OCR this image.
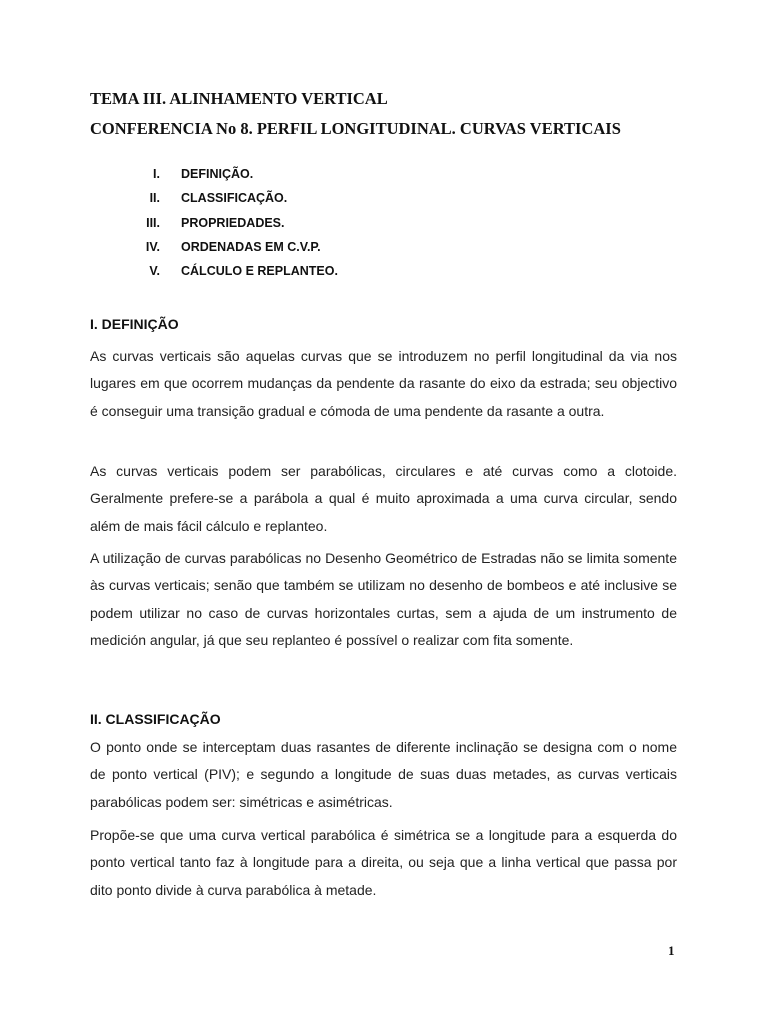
TEMA III. ALINHAMENTO VERTICAL
CONFERENCIA No 8. PERFIL LONGITUDINAL. CURVAS VERTICAIS
I. DEFINIÇÃO.
II. CLASSIFICAÇÃO.
III. PROPRIEDADES.
IV. ORDENADAS EM C.V.P.
V. CÁLCULO E REPLANTEO.
I. DEFINIÇÃO

As curvas verticais são aquelas curvas que se introduzem no perfil longitudinal da via nos lugares em que ocorrem mudanças da pendente da rasante do eixo da estrada; seu objectivo é conseguir uma transição gradual e cómoda de uma pendente da rasante a outra.

As curvas verticais podem ser parabólicas, circulares e até curvas como a clotoide. Geralmente prefere-se a parábola a qual é muito aproximada a uma curva circular, sendo além de mais fácil cálculo e replanteo.

A utilização de curvas parabólicas no Desenho Geométrico de Estradas não se limita somente às curvas verticais; senão que também se utilizam no desenho de bombeos e até inclusive se podem utilizar no caso de curvas horizontales curtas, sem a ajuda de um instrumento de medición angular, já que seu replanteo é possível o realizar com fita somente.

II. CLASSIFICAÇÃO

O ponto onde se interceptam duas rasantes de diferente inclinação se designa com o nome de ponto vertical (PIV); e segundo a longitude de suas duas metades, as curvas verticais parabólicas podem ser: simétricas e asimétricas.

Propõe-se que uma curva vertical parabólica é simétrica se a longitude para a esquerda do ponto vertical tanto faz à longitude para a direita, ou seja que a linha vertical que passa por dito ponto divide à curva parabólica à metade.

1
